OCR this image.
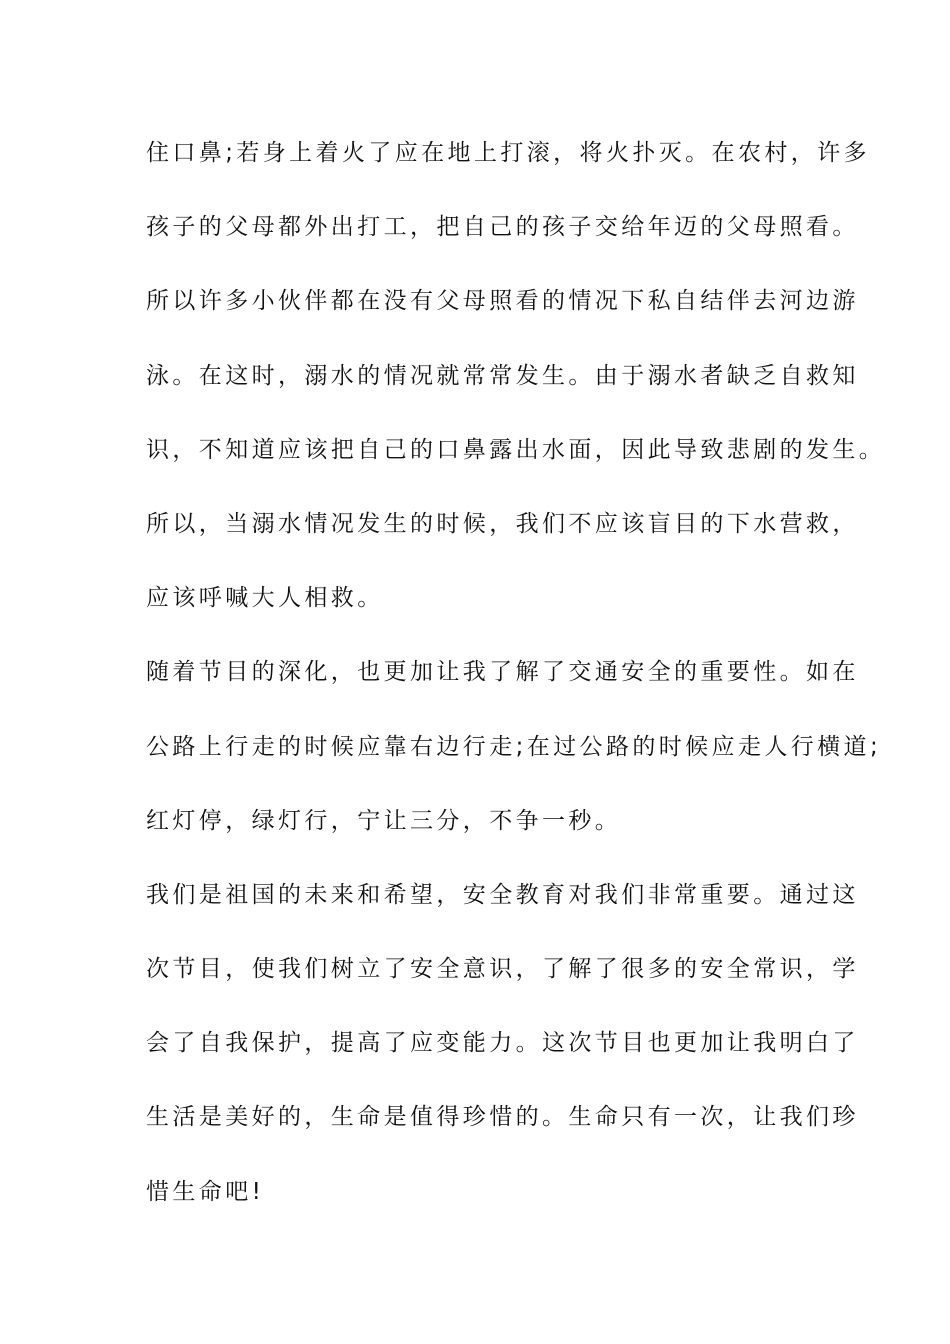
住口鼻;若身上着火了应在地上打滚，将火扑灭。在农村，许多
孩子的父母都外出打工，把自己的孩子交给年迈的父母照看。
所以许多小伙伴都在没有父母照看的情况下私自结伴去河边游
泳。在这时，溺水的情况就常常发生。由于溺水者缺乏自救知
识，不知道应该把自己的口鼻露出水面，因此导致悲剧的发生。
所以，当溺水情况发生的时候，我们不应该盲目的下水营救，
应该呼喊大人相救。
随着节目的深化，也更加让我了解了交通安全的重要性。如在
公路上行走的时候应靠右边行走;在过公路的时候应走人行横道;
红灯停，绿灯行，宁让三分，不争一秒。
我们是祖国的未来和希望，安全教育对我们非常重要。通过这
次节目，使我们树立了安全意识，了解了很多的安全常识，学
会了自我保护，提高了应变能力。这次节目也更加让我明白了
生活是美好的，生命是值得珍惜的。生命只有一次，让我们珍
惜生命吧!
